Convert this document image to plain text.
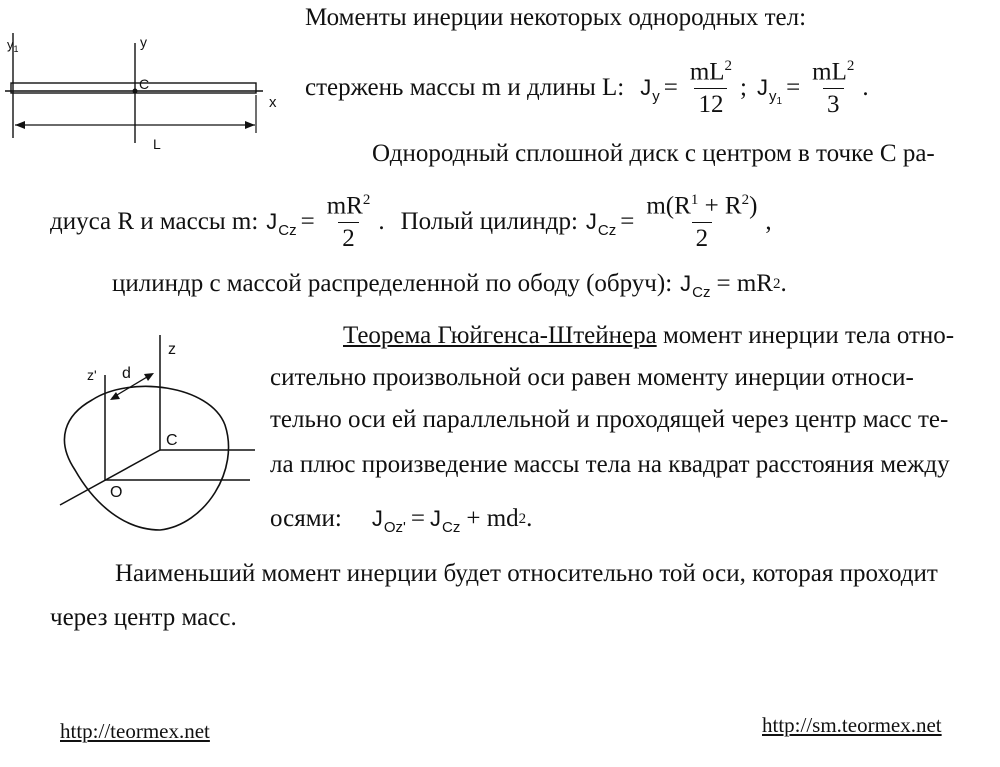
Моменты инерции некоторых однородных тел:
$y_1$	y
C
x
L
стержень массы m и длины L: J $y = \frac{mL^2}{12}$ ; J $y_1 = \frac{mL^2}{3}$ .
Однородный сплошной диск с центром в точке С ра-
диуса R и массы m: J $Cz = \frac{mR^2}{2}$ . Полый цилиндр: J $Cz = \frac{m(R^1 + R^2)}{2}$ ,
цилиндр с массой распределенной по ободу (обруч): J Cz = mR 2 .
z
z' d
C
O
Теорема Гюйгенса-Штейнера момент инерции тела отно-
сительно произвольной оси равен моменту инерции относи-
тельно оси ей параллельной и проходящей через центр масс те-
ла плюс произведение массы тела на квадрат расстояния между
осями: J Oz' = J Cz + md 2 .
Наименьший момент инерции будет относительно той оси, которая проходит
через центр масс.
http://teormex.net	http://sm.teormex.net
